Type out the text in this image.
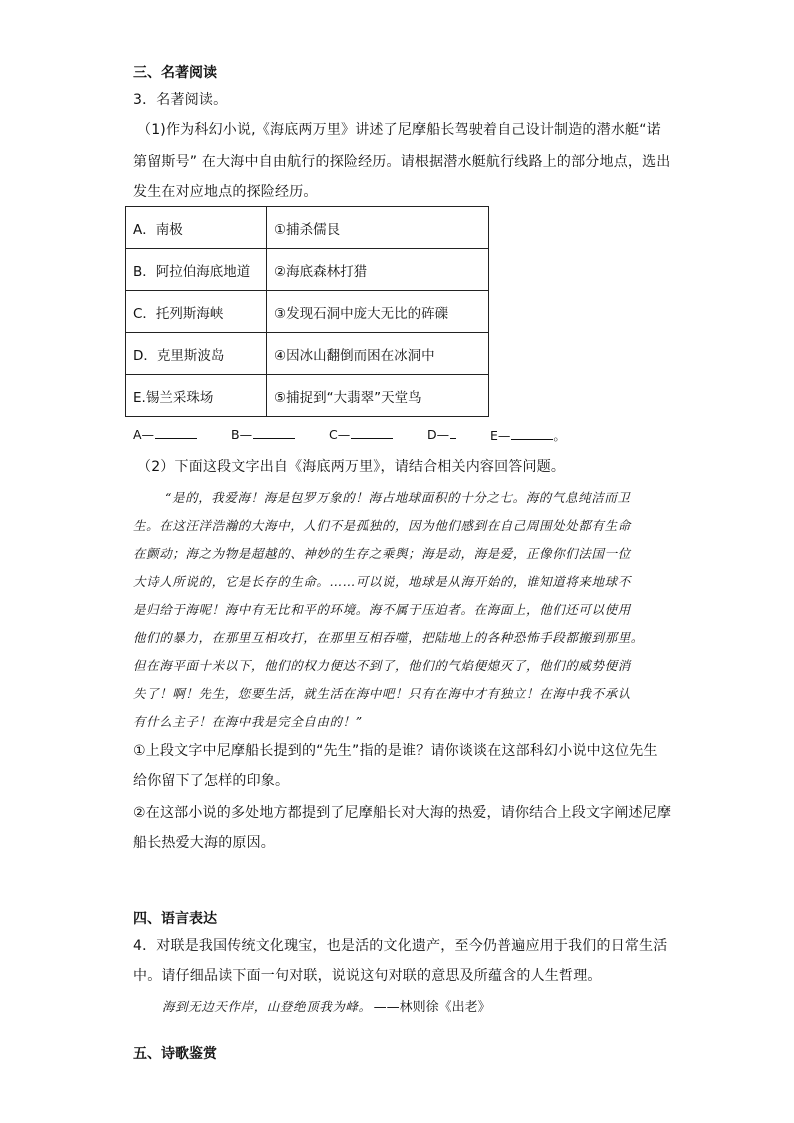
三、名著阅读
3．名著阅读。
（1)作为科幻小说,《海底两万里》讲述了尼摩船长驾驶着自己设计制造的潜水艇“诺
第留斯号” 在大海中自由航行的探险经历。请根据潜水艇航行线路上的部分地点，选出
发生在对应地点的探险经历。
A．南极	①捕杀儒艮
B．阿拉伯海底地道	②海底森林打猎
C．托列斯海峡	③发现石洞中庞大无比的砗磲
D．克里斯波岛	④因冰山翻倒而困在冰洞中
E.锡兰采珠场	⑤捕捉到“大翡翠”天堂鸟
A—	B—	C—	D—	E—	。
（2）下面这段文字出自《海底两万里》，请结合相关内容回答问题。
“是的，我爱海！海是包罗万象的！海占地球面积的十分之七。海的气息纯洁而卫
生。在这汪洋浩瀚的大海中，人们不是孤独的，因为他们感到在自己周围处处都有生命
在颤动；海之为物是超越的、神妙的生存之乘舆；海是动，海是爱，正像你们法国一位
大诗人所说的，它是长存的生命。……可以说，地球是从海开始的，谁知道将来地球不
是归给于海呢！海中有无比和平的环境。海不属于压迫者。在海面上，他们还可以使用
他们的暴力，在那里互相攻打，在那里互相吞噬，把陆地上的各种恐怖手段都搬到那里。
但在海平面十米以下，他们的权力便达不到了，他们的气焰便熄灭了，他们的威势便消
失了！啊！先生，您要生活，就生活在海中吧！只有在海中才有独立！在海中我不承认
有什么主子！在海中我是完全自由的！”
①上段文字中尼摩船长提到的“先生”指的是谁？请你谈谈在这部科幻小说中这位先生
给你留下了怎样的印象。
②在这部小说的多处地方都提到了尼摩船长对大海的热爱，请你结合上段文字阐述尼摩
船长热爱大海的原因。
四、语言表达
4．对联是我国传统文化瑰宝，也是活的文化遗产，至今仍普遍应用于我们的日常生活
中。请仔细品读下面一句对联，说说这句对联的意思及所蕴含的人生哲理。
海到无边天作岸，山登绝顶我为峰。 ——林则徐《出老》
五、诗歌鉴赏
